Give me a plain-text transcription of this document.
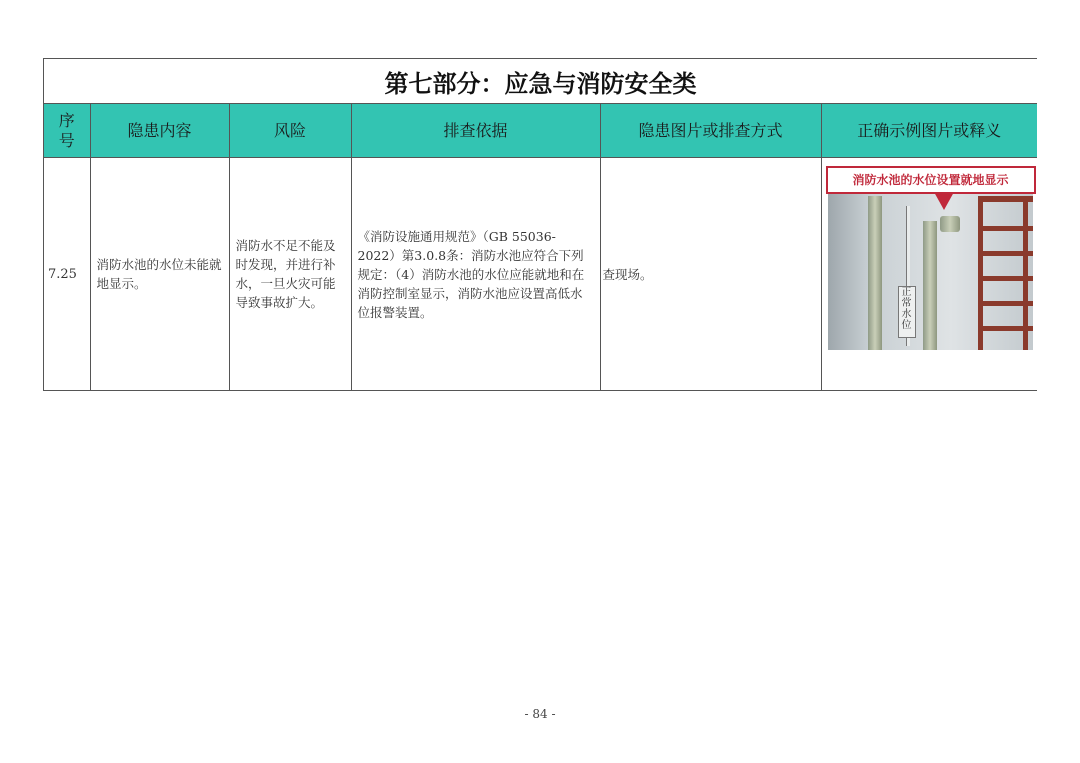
第七部分：应急与消防安全类
序号	隐患内容	风险	排查依据	隐患图片或排查方式	正确示例图片或释义
7.25	消防水池的水位未能就地显示。	消防水不足不能及时发现，并进行补水，一旦火灾可能导致事故扩大。	《消防设施通用规范》（GB 55036-2022）第3.0.8条：消防水池应符合下列规定：（4）消防水池的水位应能就地和在消防控制室显示，消防水池应设置高低水位报警装置。	查现场。	正常水位
消防水池的水位设置就地显示
- 84 -
